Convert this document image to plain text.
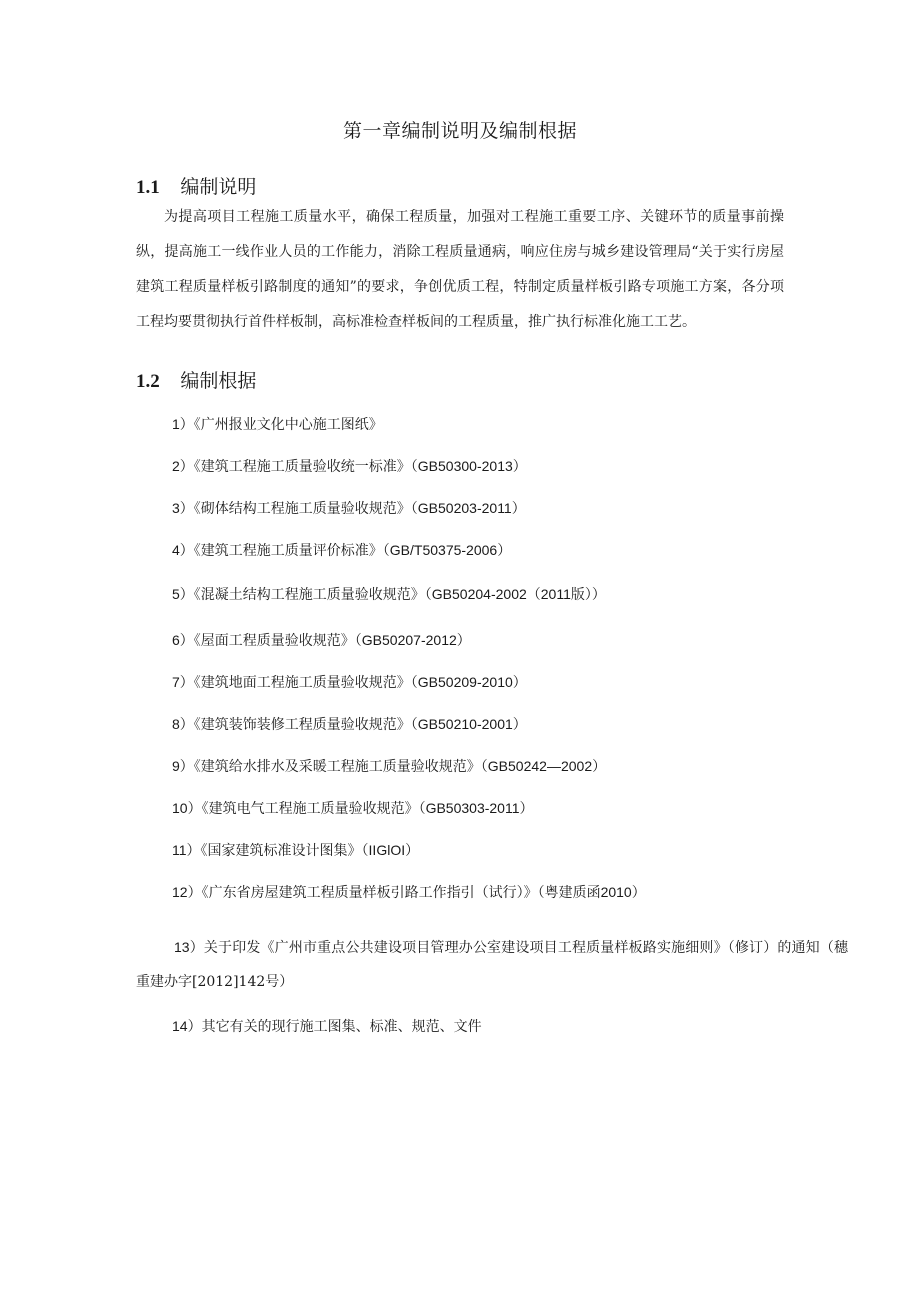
第一章编制说明及编制根据
1.1 编制说明

为提高项目工程施工质量水平，确保工程质量，加强对工程施工重要工序、关键环节的质量事前操纵，提高施工一线作业人员的工作能力，消除工程质量通病，响应住房与城乡建设管理局“关于实行房屋建筑工程质量样板引路制度的通知”的要求，争创优质工程，特制定质量样板引路专项施工方案，各分项工程均要贯彻执行首件样板制，高标准检查样板间的工程质量，推广执行标准化施工工艺。

1.2 编制根据
1）《广州报业文化中心施工图纸》
2）《建筑工程施工质量验收统一标准》（GB50300-2013）
3）《砌体结构工程施工质量验收规范》（GB50203-2011）
4）《建筑工程施工质量评价标准》（GB/T50375-2006）
5）《混凝土结构工程施工质量验收规范》（GB50204-2002（2011版））
6）《屋面工程质量验收规范》（GB50207-2012）
7）《建筑地面工程施工质量验收规范》（GB50209-2010）
8）《建筑装饰装修工程质量验收规范》（GB50210-2001）
9）《建筑给水排水及采暖工程施工质量验收规范》（GB50242—2002）
10）《建筑电气工程施工质量验收规范》（GB50303-2011）
11）《国家建筑标准设计图集》（IIGlOI）
12）《广东省房屋建筑工程质量样板引路工作指引（试行）》（粤建质函2010）
13）关于印发《广州市重点公共建设项目管理办公室建设项目工程质量样板路实施细则》（修订）的通知（穗重建办字[2012]142号）
14）其它有关的现行施工图集、标准、规范、文件
